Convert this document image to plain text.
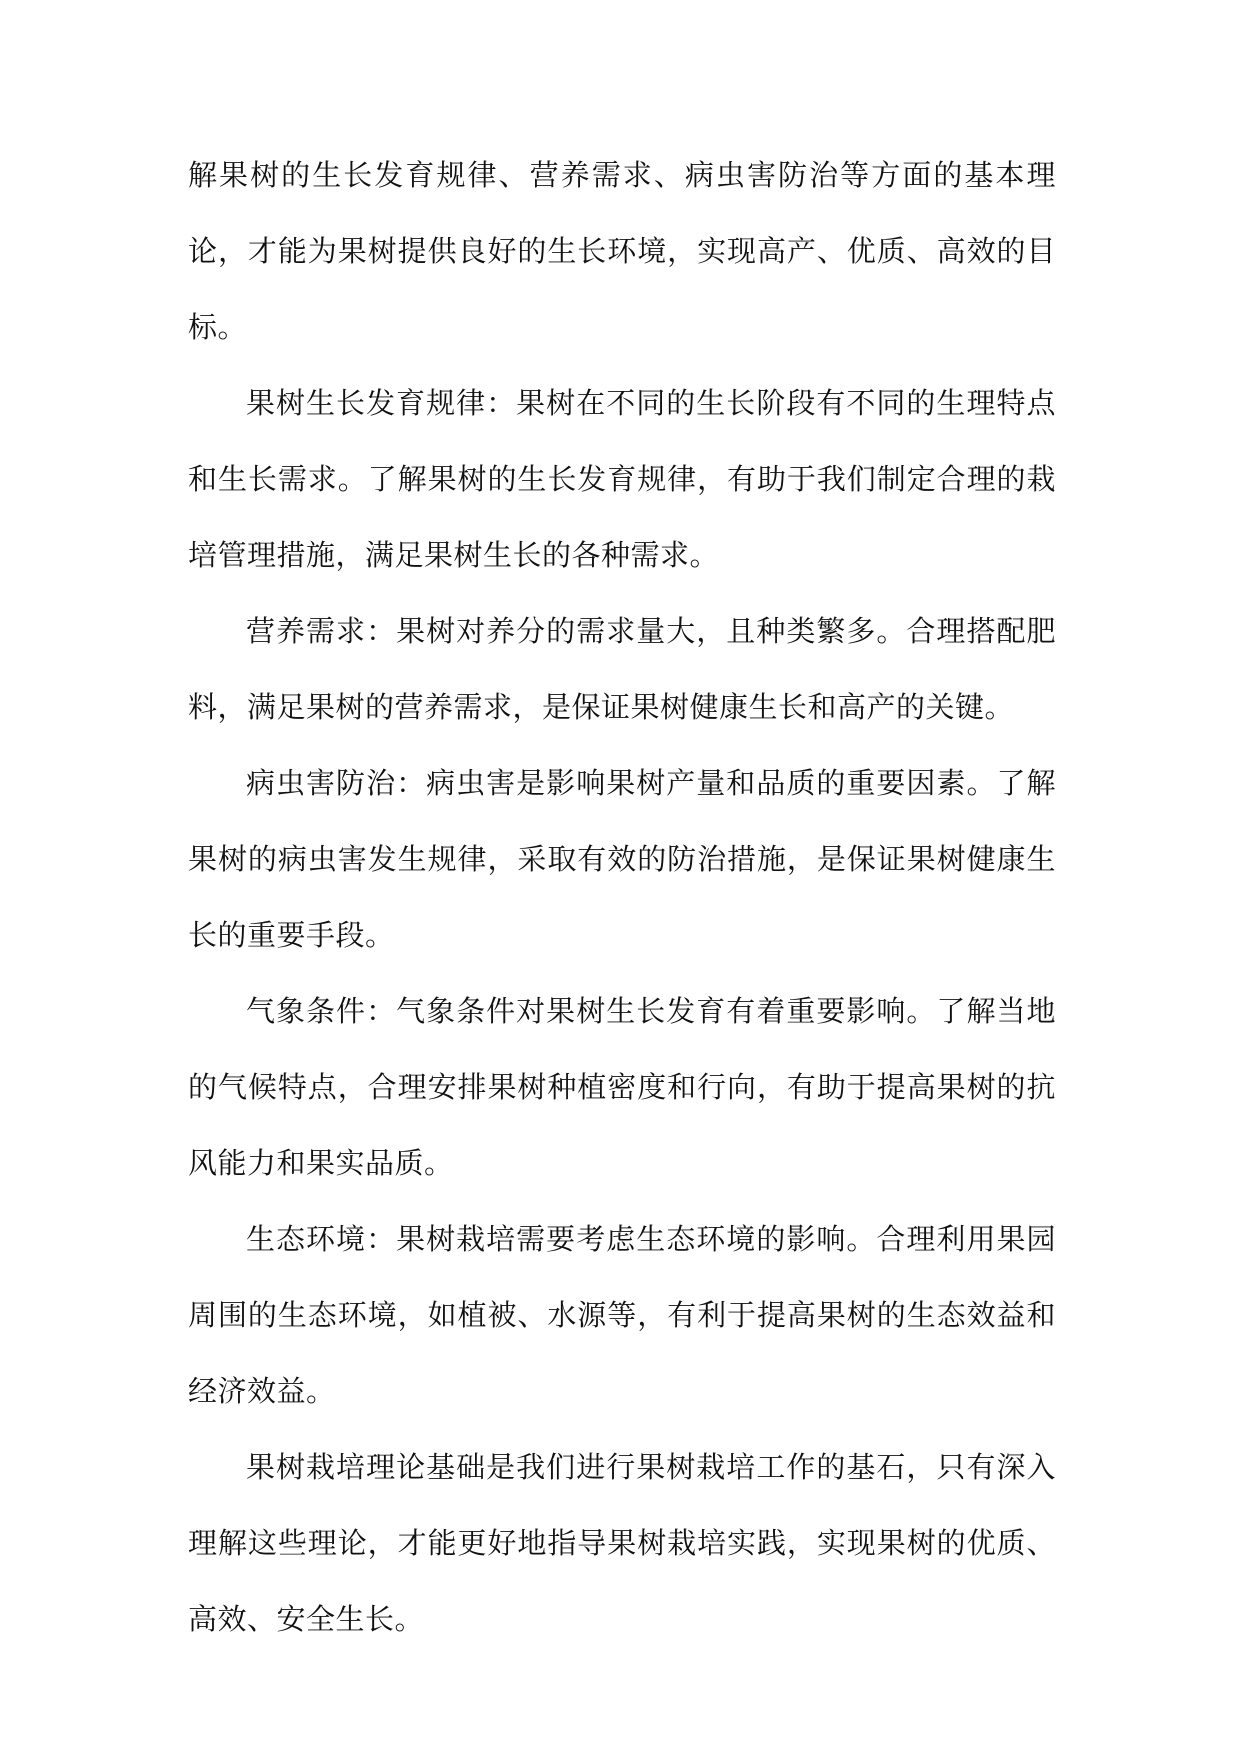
解果树的生长发育规律、营养需求、病虫害防治等方面的基本理论，才能为果树提供良好的生长环境，实现高产、优质、高效的目标。

果树生长发育规律：果树在不同的生长阶段有不同的生理特点和生长需求。了解果树的生长发育规律，有助于我们制定合理的栽培管理措施，满足果树生长的各种需求。

营养需求：果树对养分的需求量大，且种类繁多。合理搭配肥料，满足果树的营养需求，是保证果树健康生长和高产的关键。

病虫害防治：病虫害是影响果树产量和品质的重要因素。了解果树的病虫害发生规律，采取有效的防治措施，是保证果树健康生长的重要手段。

气象条件：气象条件对果树生长发育有着重要影响。了解当地的气候特点，合理安排果树种植密度和行向，有助于提高果树的抗风能力和果实品质。

生态环境：果树栽培需要考虑生态环境的影响。合理利用果园周围的生态环境，如植被、水源等，有利于提高果树的生态效益和经济效益。

果树栽培理论基础是我们进行果树栽培工作的基石，只有深入理解这些理论，才能更好地指导果树栽培实践，实现果树的优质、高效、安全生长。
